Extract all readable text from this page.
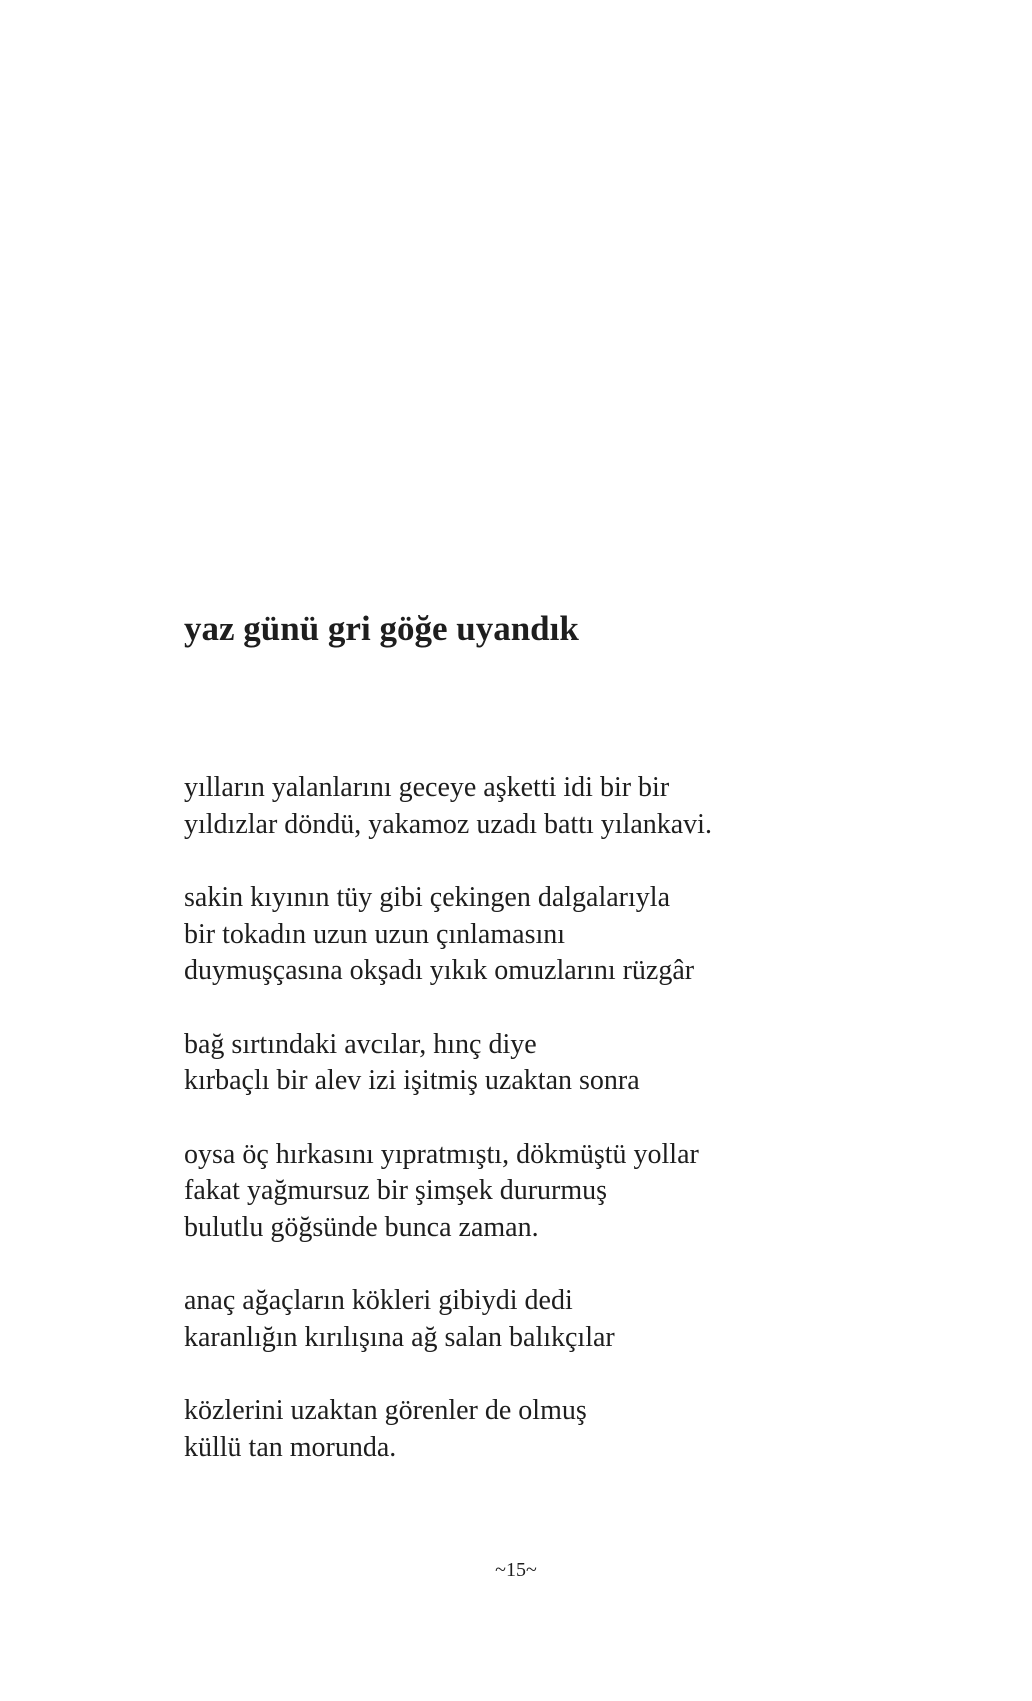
yaz günü gri göğe uyandık
yılların yalanlarını geceye aşketti idi bir bir
yıldızlar döndü, yakamoz uzadı battı yılankavi.
sakin kıyının tüy gibi çekingen dalgalarıyla
bir tokadın uzun uzun çınlamasını
duymuşçasına okşadı yıkık omuzlarını rüzgâr
bağ sırtındaki avcılar, hınç diye
kırbaçlı bir alev izi işitmiş uzaktan sonra
oysa öç hırkasını yıpratmıştı, dökmüştü yollar
fakat yağmursuz bir şimşek dururmuş
bulutlu göğsünde bunca zaman.
anaç ağaçların kökleri gibiydi dedi
karanlığın kırılışına ağ salan balıkçılar
közlerini uzaktan görenler de olmuş
küllü tan morunda.
~15~
